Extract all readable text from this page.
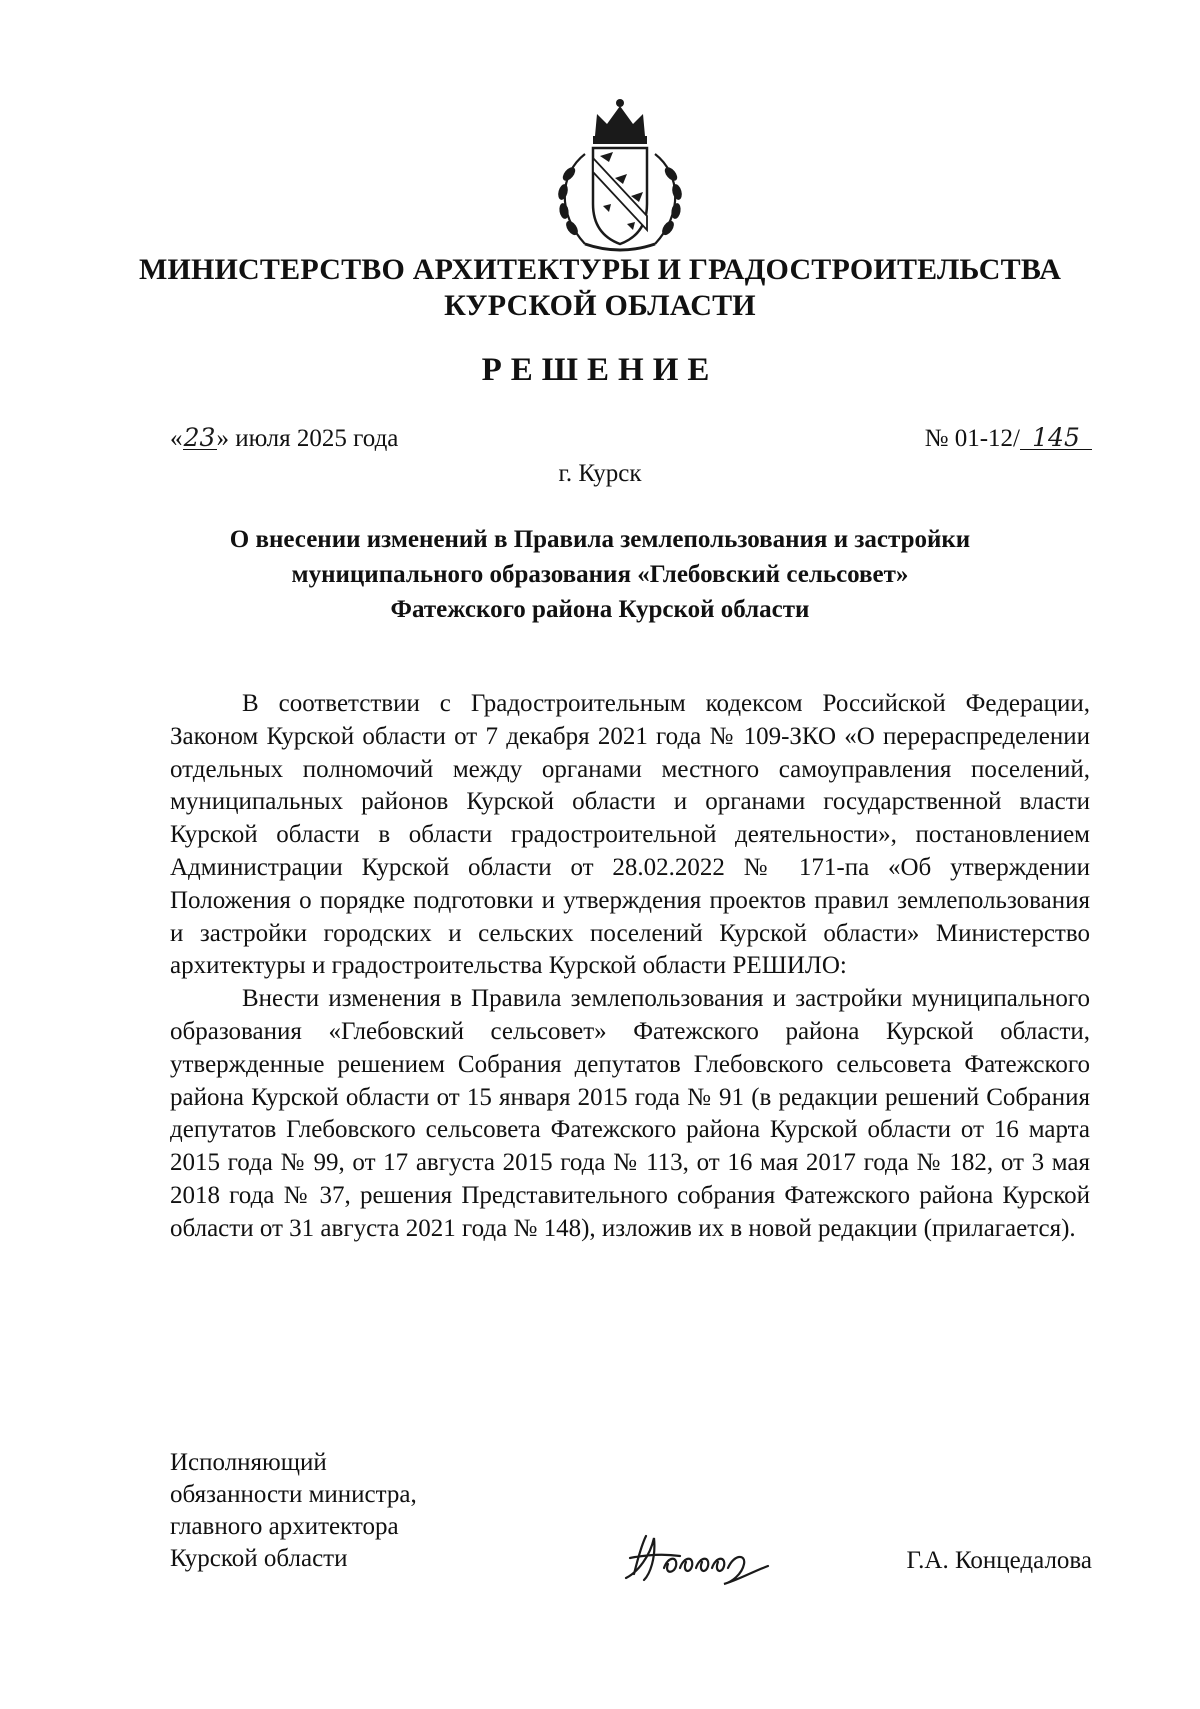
МИНИСТЕРСТВО АРХИТЕКТУРЫ И ГРАДОСТРОИТЕЛЬСТВА
КУРСКОЙ ОБЛАСТИ
РЕШЕНИЕ
«23» июля 2025 года	№ 01-12/ 145
г. Курск
О внесении изменений в Правила землепользования и застройки
муниципального образования «Глебовский сельсовет»
Фатежского района Курской области

В соответствии с Градостроительным кодексом Российской Федерации, Законом Курской области от 7 декабря 2021 года № 109-ЗКО «О перераспределении отдельных полномочий между органами местного самоуправления поселений, муниципальных районов Курской области и органами государственной власти Курской области в области градостроительной деятельности», постановлением Администрации Курской области от 28.02.2022 № 171-па «Об утверждении Положения о порядке подготовки и утверждения проектов правил землепользования и застройки городских и сельских поселений Курской области» Министерство архитектуры и градостроительства Курской области РЕШИЛО:

Внести изменения в Правила землепользования и застройки муниципального образования «Глебовский сельсовет» Фатежского района Курской области, утвержденные решением Собрания депутатов Глебовского сельсовета Фатежского района Курской области от 15 января 2015 года № 91 (в редакции решений Собрания депутатов Глебовского сельсовета Фатежского района Курской области от 16 марта 2015 года № 99, от 17 августа 2015 года № 113, от 16 мая 2017 года № 182, от 3 мая 2018 года № 37, решения Представительного собрания Фатежского района Курской области от 31 августа 2021 года № 148), изложив их в новой редакции (прилагается).

Исполняющий
обязанности министра,
главного архитектора
Курской области	Г.А. Концедалова
